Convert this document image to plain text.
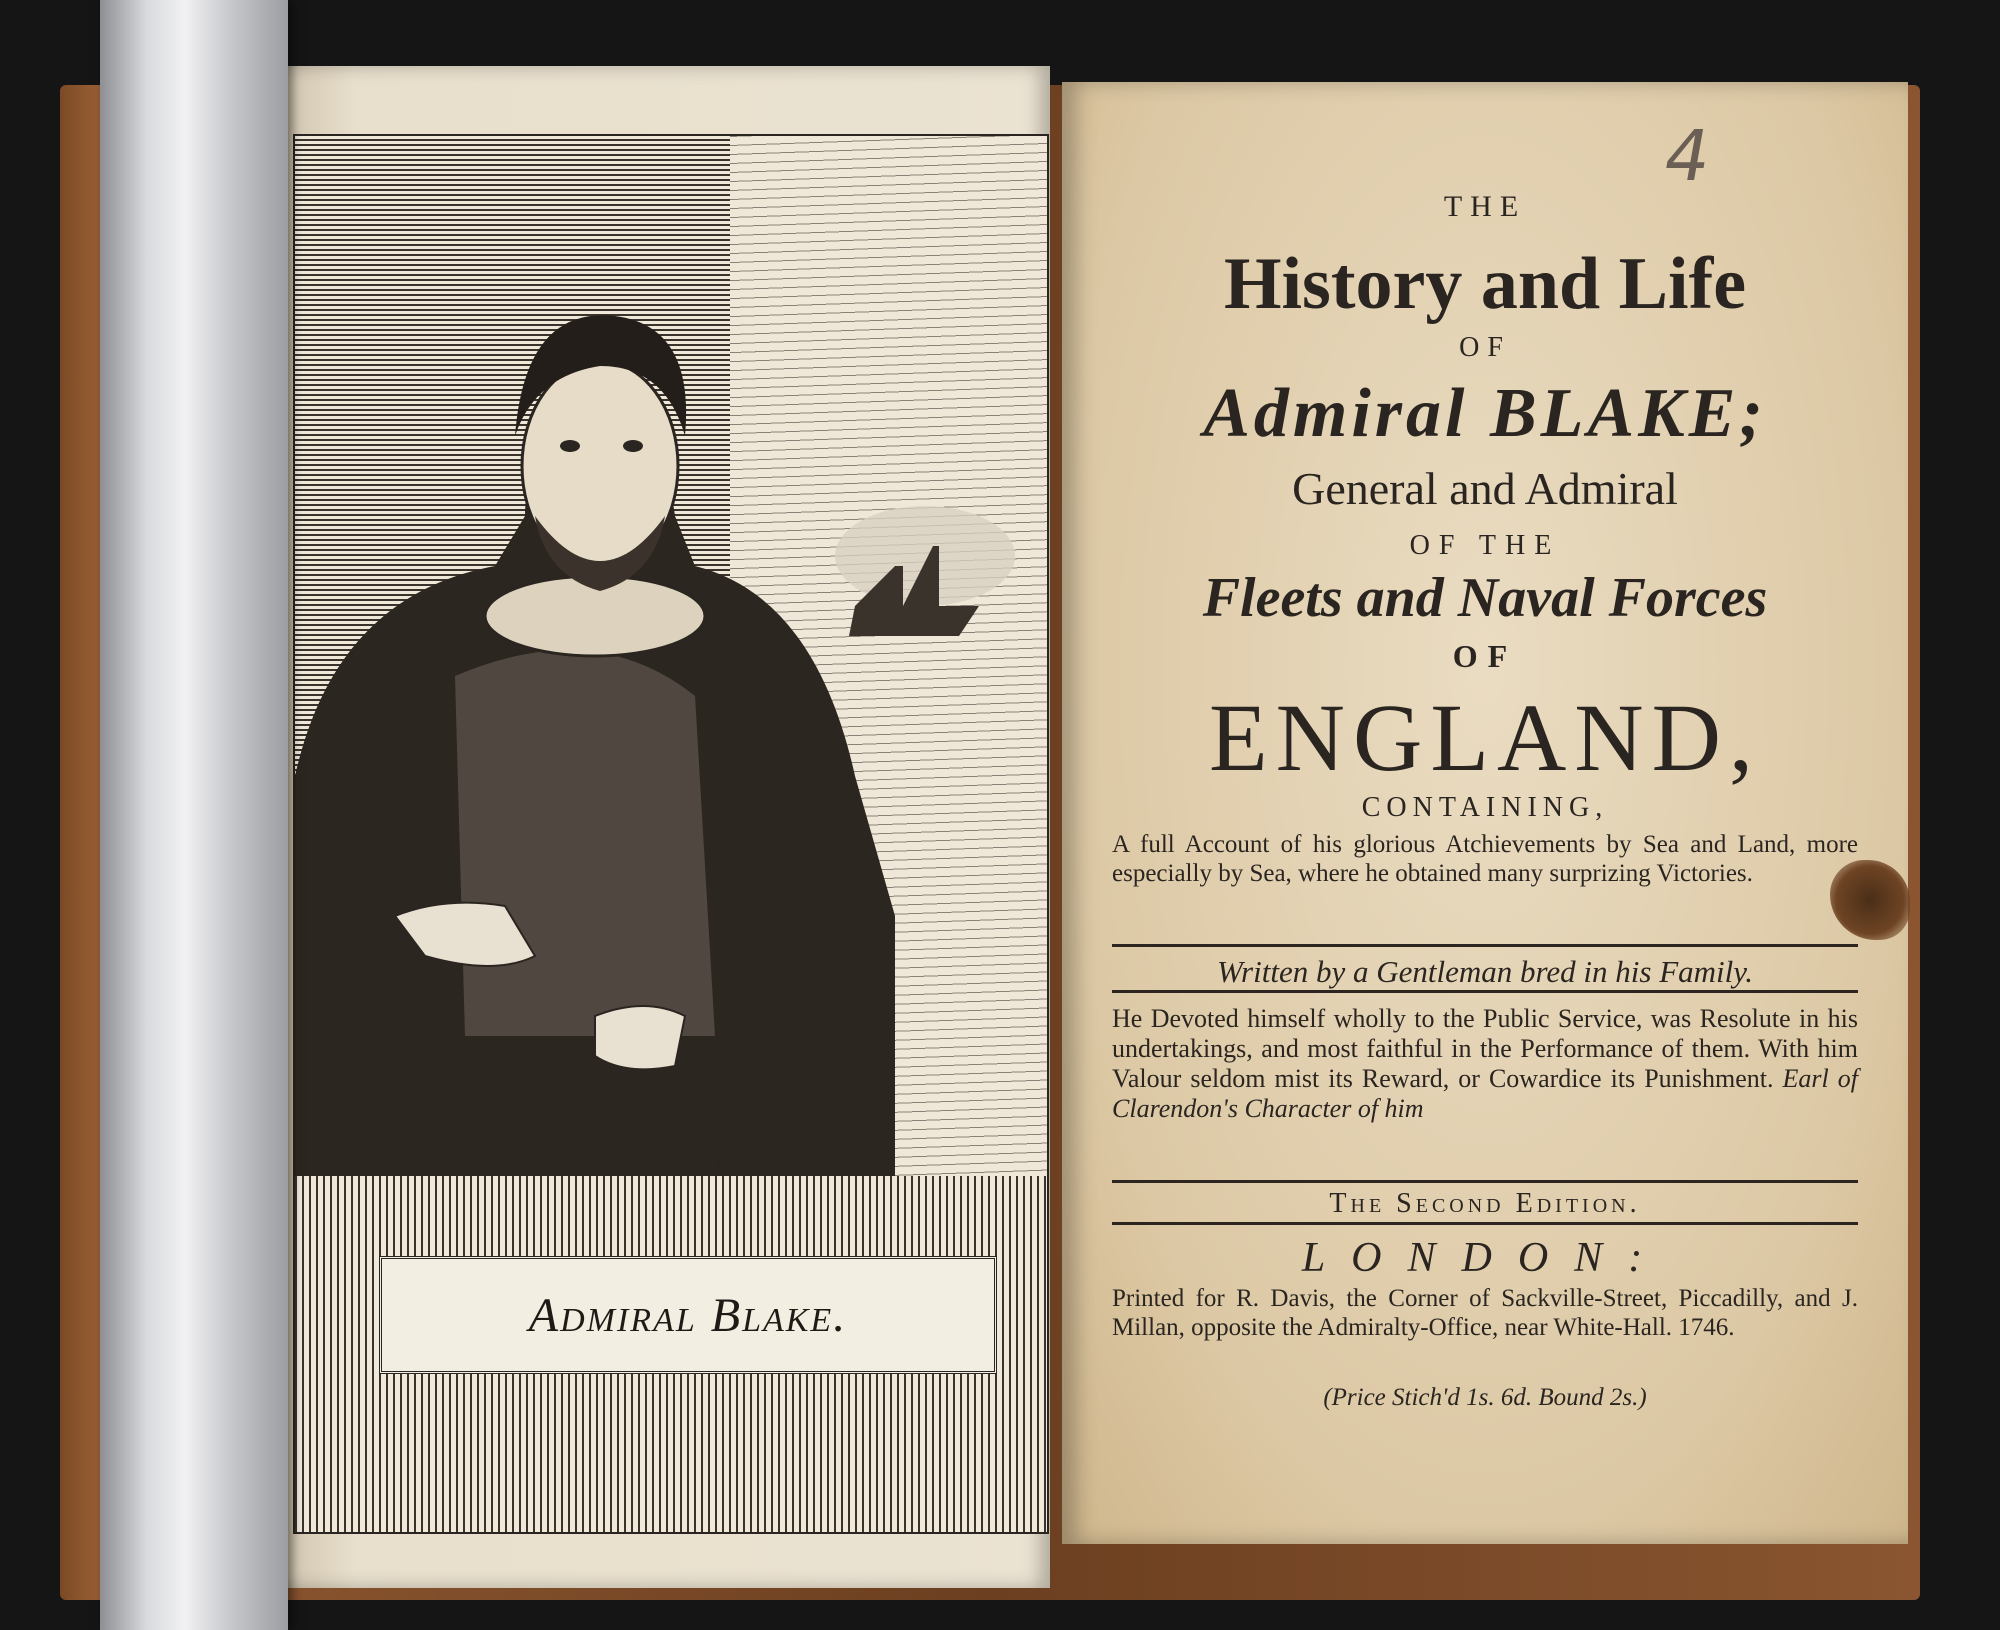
P. Fourdrinier Sculp
Admiral Blake.
THE
History and Life
OF
Admiral BLAKE;
General and Admiral
OF THE
Fleets and Naval Forces
OF
ENGLAND,
CONTAINING,
A full Account of his glorious Atchievements by Sea and Land, more especially by Sea, where he obtained many surprizing Victories.
Written by a Gentleman bred in his Family.
He Devoted himself wholly to the Public Service, was Resolute in his undertakings, and most faithful in the Performance of them. With him Valour seldom mist its Reward, or Cowardice its Punishment. Earl of Clarendon's Character of him
The Second Edition.
LONDON:
Printed for R. Davis, the Corner of Sackville-Street, Piccadilly, and J. Millan, opposite the Admiralty-Office, near White-Hall. 1746.
(Price Stich'd 1s. 6d. Bound 2s.)
4
